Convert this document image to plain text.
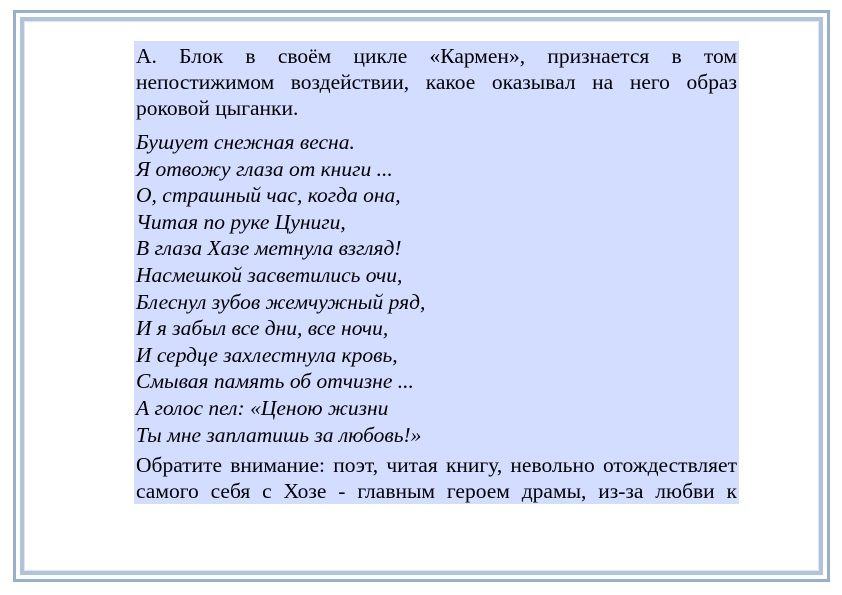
А. Блок в своём цикле «Кармен», признается в том непостижимом воздействии, какое оказывал на него образ роковой цыганки.

Бушует снежная весна.
Я отвожу глаза от книги ...
О, страшный час, когда она,
Читая по руке Цуниги,
В глаза Хазе метнула взгляд!
Насмешкой засветились очи,
Блеснул зубов жемчужный ряд,
И я забыл все дни, все ночи,
И сердце захлестнула кровь,
Смывая память об отчизне ...
А голос пел: «Ценою жизни
Ты мне заплатишь за любовь!»

Обратите внимание: поэт, читая книгу, невольно отождествляет самого себя с Хозе - главным героем драмы, из-за любви к
